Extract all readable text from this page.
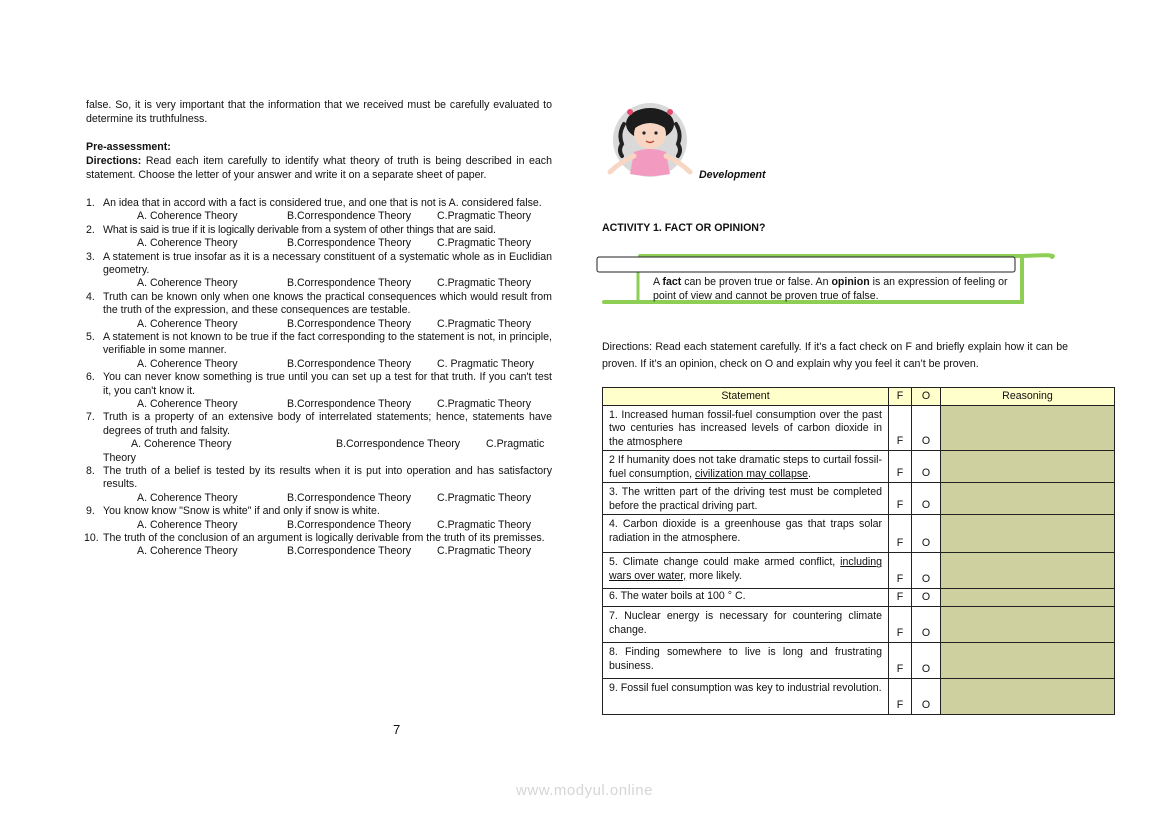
false. So, it is very important that the information that we received must be carefully evaluated to determine its truthfulness.
Pre-assessment:
Directions: Read each item carefully to identify what theory of truth is being described in each statement. Choose the letter of your answer and write it on a separate sheet of paper.
1. An idea that in accord with a fact is considered true, and one that is not is A. considered false.
A. Coherence Theory	B.Correspondence Theory C.Pragmatic Theory
2. What is said is true if it is logically derivable from a system of other things that are said.
A. Coherence Theory	B.Correspondence Theory C.Pragmatic Theory
3. A statement is true insofar as it is a necessary constituent of a systematic whole as in Euclidian geometry.
A. Coherence Theory	B.Correspondence Theory C.Pragmatic Theory
4. Truth can be known only when one knows the practical consequences which would result from the truth of the expression, and these consequences are testable.
A. Coherence Theory	B.Correspondence Theory C.Pragmatic Theory
5. A statement is not known to be true if the fact corresponding to the statement is not, in principle, verifiable in some manner.
A. Coherence Theory	B.Correspondence Theory C. Pragmatic Theory
6. You can never know something is true until you can set up a test for that truth. If you can't test it, you can't know it.
A. Coherence Theory	B.Correspondence Theory C.Pragmatic Theory
7. Truth is a property of an extensive body of interrelated statements; hence, statements have degrees of truth and falsity.
A. Coherence Theory	B.Correspondence Theory C.Pragmatic
Theory
8. The truth of a belief is tested by its results when it is put into operation and has satisfactory results.
A. Coherence Theory	B.Correspondence Theory C.Pragmatic Theory
9. You know know "Snow is white" if and only if snow is white.
A. Coherence Theory	B.Correspondence Theory C.Pragmatic Theory
10. The truth of the conclusion of an argument is logically derivable from the truth of its premisses.
A. Coherence Theory	B.Correspondence Theory C.Pragmatic Theory
7
Development
ACTIVITY 1. FACT OR OPINION?
A fact can be proven true or false. An opinion is an expression of feeling or point of view and cannot be proven true of false.
Directions: Read each statement carefully. If it’s a fact check on F and briefly explain how it can be proven. If it’s an opinion, check on O and explain why you feel it can’t be proven.
Statement	F	O	Reasoning
1. Increased human fossil-fuel consumption over the past two centuries has increased levels of carbon dioxide in the atmosphere	F	O	
2 If humanity does not take dramatic steps to curtail fossil-fuel consumption, civilization may collapse.	F	O	
3. The written part of the driving test must be completed before the practical driving part.	F	O	
4. Carbon dioxide is a greenhouse gas that traps solar radiation in the atmosphere.	F	O	
5. Climate change could make armed conflict, including wars over water, more likely.	F	O	
6. The water boils at 100 ° C.	F	O	
7. Nuclear energy is necessary for countering climate change.	F	O	
8. Finding somewhere to live is long and frustrating business.	F	O	
9. Fossil fuel consumption was key to industrial revolution.	F	O	
www.modyul.online
